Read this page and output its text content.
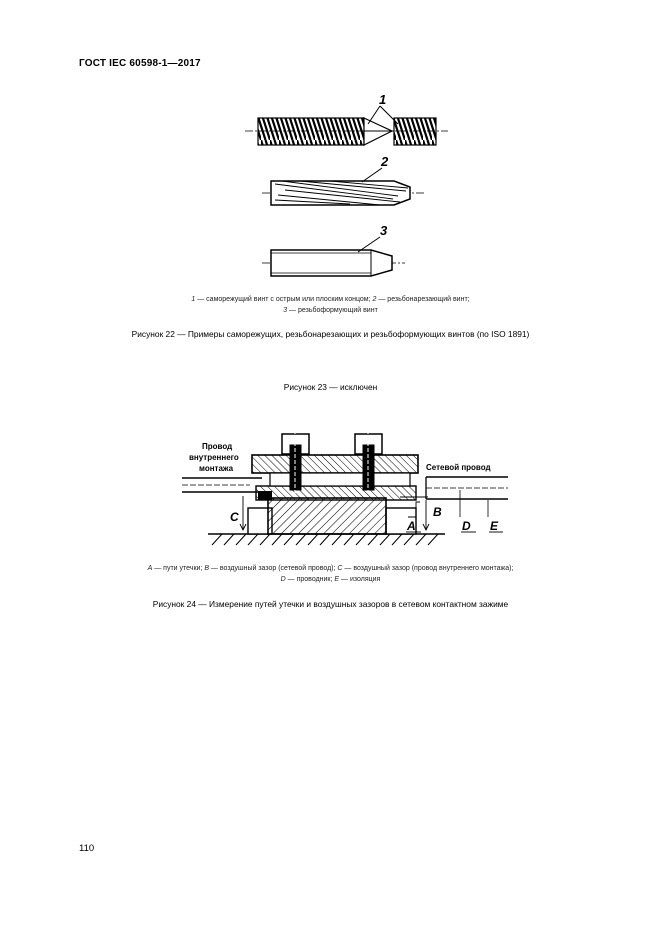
ГОСТ IEC 60598-1—2017
1
2
3
Провод
внутреннего
монтажа	Сетевой провод
A
B
C
D E
1 — саморежущий винт с острым или плоским концом; 2 — резьбонарезающий винт;
3 — резьбоформующий винт
Рисунок 22 — Примеры саморежущих, резьбонарезающих и резьбоформующих винтов (по ISO 1891)
Рисунок 23 — исключен
A — пути утечки; B — воздушный зазор (сетевой провод); C — воздушный зазор (провод внутреннего монтажа);
D — проводник; E — изоляция
Рисунок 24 — Измерение путей утечки и воздушных зазоров в сетевом контактном зажиме
110
